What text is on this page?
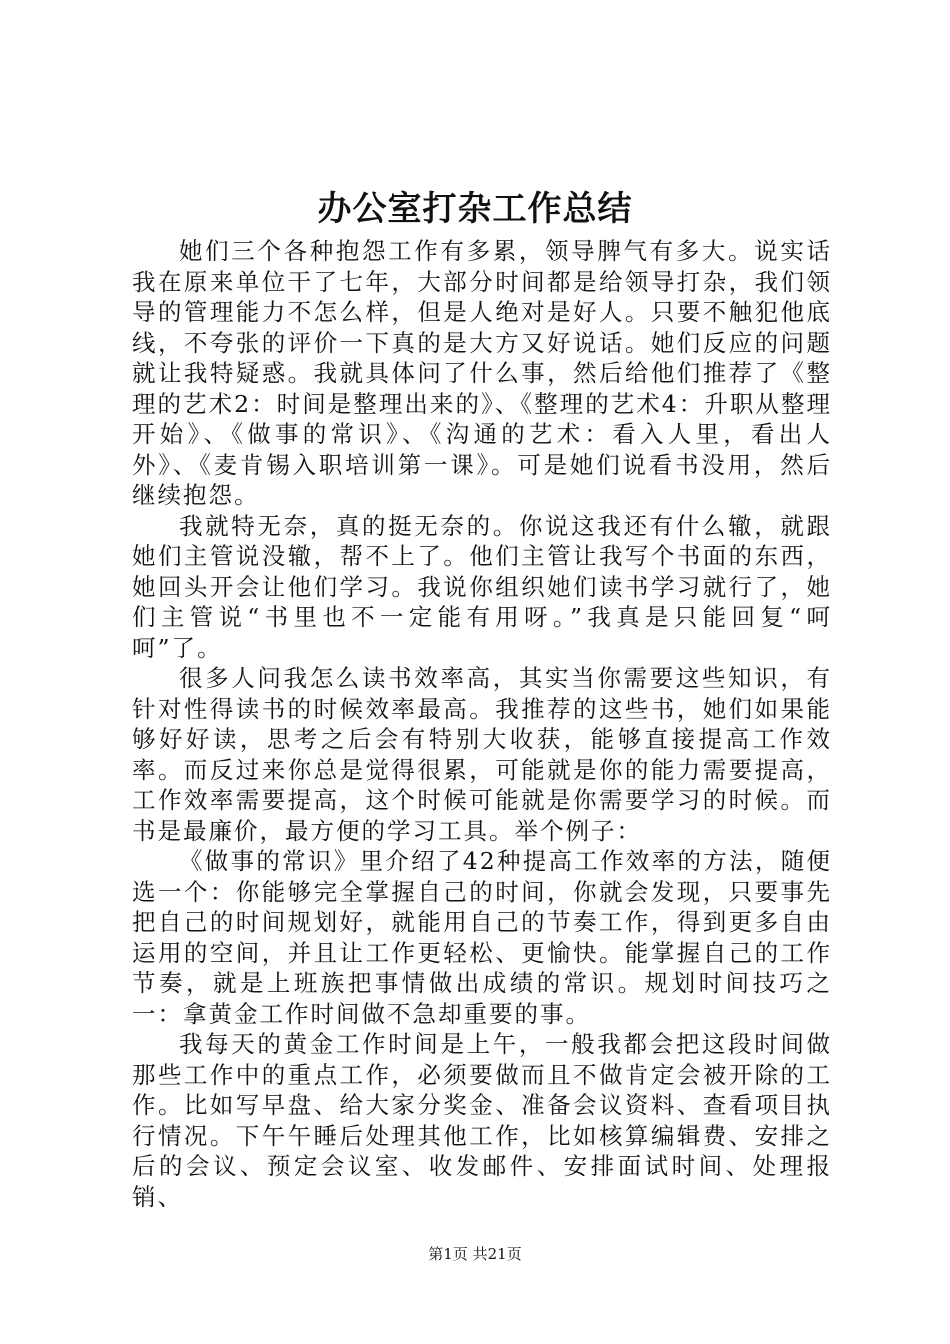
办公室打杂工作总结

她们三个各种抱怨工作有多累，领导脾气有多大。说实话我在原来单位干了七年，大部分时间都是给领导打杂，我们领导的管理能力不怎么样，但是人绝对是好人。只要不触犯他底线，不夸张的评价一下真的是大方又好说话。她们反应的问题就让我特疑惑。我就具体问了什么事，然后给他们推荐了《整理的艺术2：时间是整理出来的》、《整理的艺术4：升职从整理开始》、《做事的常识》、《沟通的艺术：看入人里，看出人外》、《麦肯锡入职培训第一课》。可是她们说看书没用，然后继续抱怨。

我就特无奈，真的挺无奈的。你说这我还有什么辙，就跟她们主管说没辙，帮不上了。他们主管让我写个书面的东西，她回头开会让他们学习。我说你组织她们读书学习就行了，她们主管说“书里也不一定能有用呀。”我真是只能回复“呵呵”了。

很多人问我怎么读书效率高，其实当你需要这些知识，有针对性得读书的时候效率最高。我推荐的这些书，她们如果能够好好读，思考之后会有特别大收获，能够直接提高工作效率。而反过来你总是觉得很累，可能就是你的能力需要提高，工作效率需要提高，这个时候可能就是你需要学习的时候。而书是最廉价，最方便的学习工具。举个例子：

《做事的常识》里介绍了42种提高工作效率的方法，随便选一个：你能够完全掌握自己的时间，你就会发现，只要事先把自己的时间规划好，就能用自己的节奏工作，得到更多自由运用的空间，并且让工作更轻松、更愉快。能掌握自己的工作节奏，就是上班族把事情做出成绩的常识。规划时间技巧之一：拿黄金工作时间做不急却重要的事。

我每天的黄金工作时间是上午，一般我都会把这段时间做那些工作中的重点工作，必须要做而且不做肯定会被开除的工作。比如写早盘、给大家分奖金、准备会议资料、查看项目执行情况。下午午睡后处理其他工作，比如核算编辑费、安排之后的会议、预定会议室、收发邮件、安排面试时间、处理报销、

第1页 共21页
